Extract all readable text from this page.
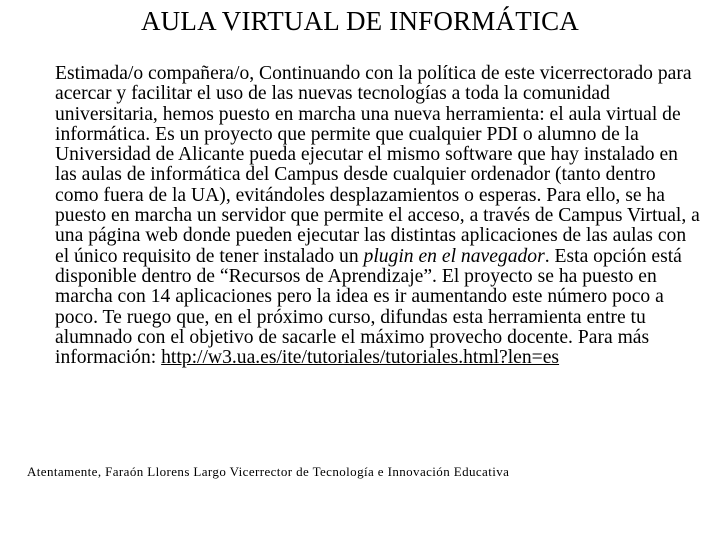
AULA VIRTUAL DE INFORMÁTICA

Estimada/o compañera/o, Continuando con la política de este vicerrectorado para acercar y facilitar el uso de las nuevas tecnologías a toda la comunidad universitaria, hemos puesto en marcha una nueva herramienta: el aula virtual de informática. Es un proyecto que permite que cualquier PDI o alumno de la Universidad de Alicante pueda ejecutar el mismo software que hay instalado en las aulas de informática del Campus desde cualquier ordenador (tanto dentro como fuera de la UA), evitándoles desplazamientos o esperas. Para ello, se ha puesto en marcha un servidor que permite el acceso, a través de Campus Virtual, a una página web donde pueden ejecutar las distintas aplicaciones de las aulas con el único requisito de tener instalado un plugin en el navegador. Esta opción está disponible dentro de “Recursos de Aprendizaje”. El proyecto se ha puesto en marcha con 14 aplicaciones pero la idea es ir aumentando este número poco a poco. Te ruego que, en el próximo curso, difundas esta herramienta entre tu alumnado con el objetivo de sacarle el máximo provecho docente. Para más información: http://w3.ua.es/ite/tutoriales/tutoriales.html?len=es

Atentamente, Faraón Llorens Largo Vicerrector de Tecnología e Innovación Educativa
